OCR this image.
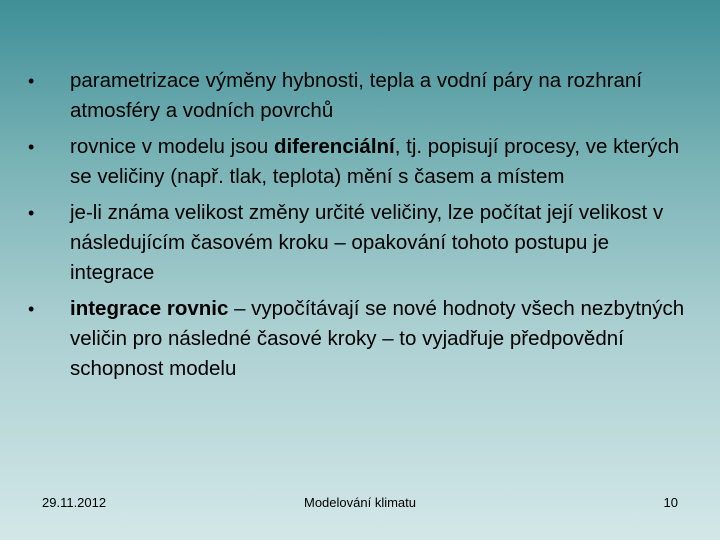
•	parametrizace výměny hybnosti, tepla a vodní páry na rozhraní atmosféry a vodních povrchů
•	rovnice v modelu jsou diferenciální, tj. popisují procesy, ve kterých se veličiny (např. tlak, teplota) mění s časem a místem
•	je-li známa velikost změny určité veličiny, lze počítat její velikost v následujícím časovém kroku – opakování tohoto postupu je integrace
•	integrace rovnic – vypočítávají se nové hodnoty všech nezbytných veličin pro následné časové kroky – to vyjadřuje předpovědní schopnost modelu
29.11.2012	Modelování klimatu	10
